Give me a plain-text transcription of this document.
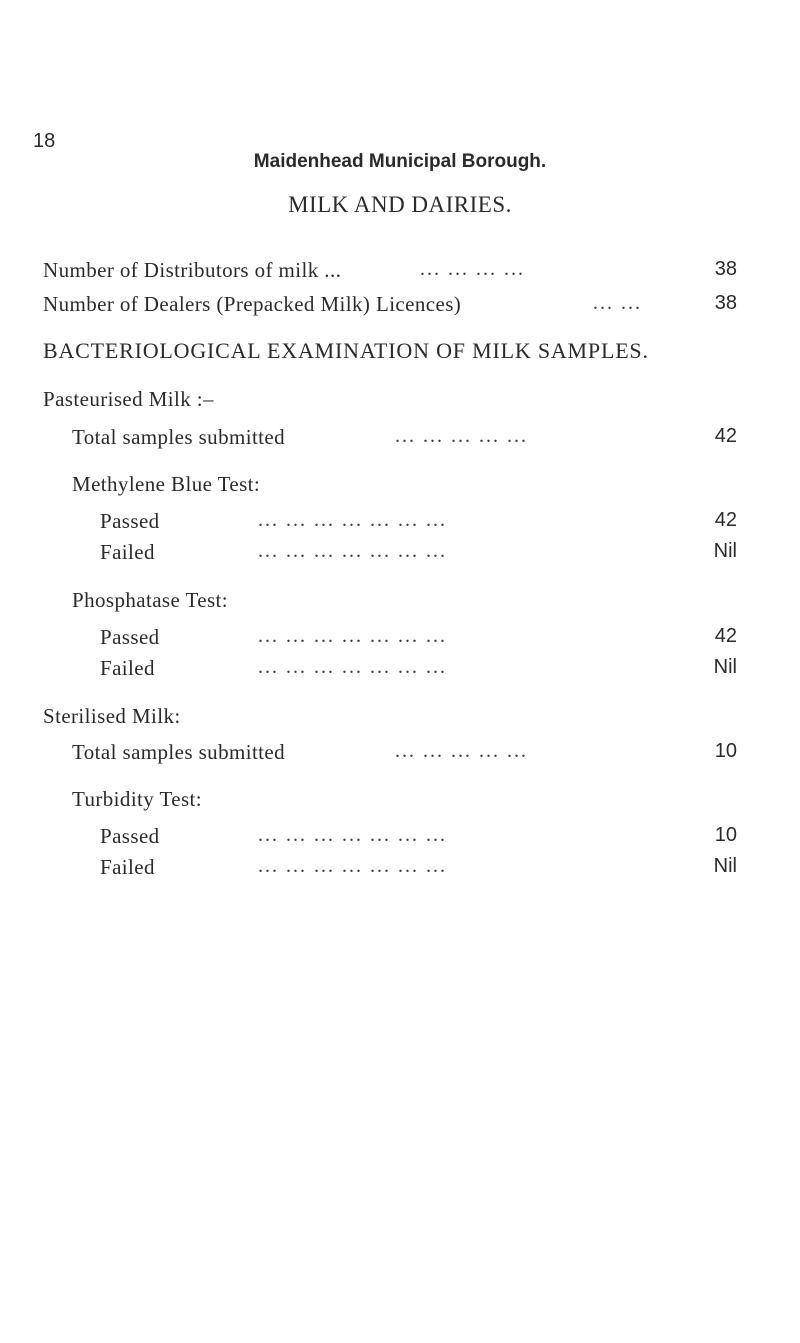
18
Maidenhead Municipal Borough.
MILK AND DAIRIES.
Number of Distributors of milk ...	... ... ... ...	38
Number of Dealers (Prepacked Milk) Licences)	... ...	38
BACTERIOLOGICAL EXAMINATION OF MILK SAMPLES.
Pasteurised Milk :–
Total samples submitted	... ... ... ... ...	42
Methylene Blue Test:
Passed	... ... ... ... ... ... ...	42
Failed	... ... ... ... ... ... ...	Nil
Phosphatase Test:
Passed	... ... ... ... ... ... ...	42
Failed	... ... ... ... ... ... ...	Nil
Sterilised Milk:
Total samples submitted	... ... ... ... ...	10
Turbidity Test:
Passed	... ... ... ... ... ... ...	10
Failed	... ... ... ... ... ... ...	Nil
